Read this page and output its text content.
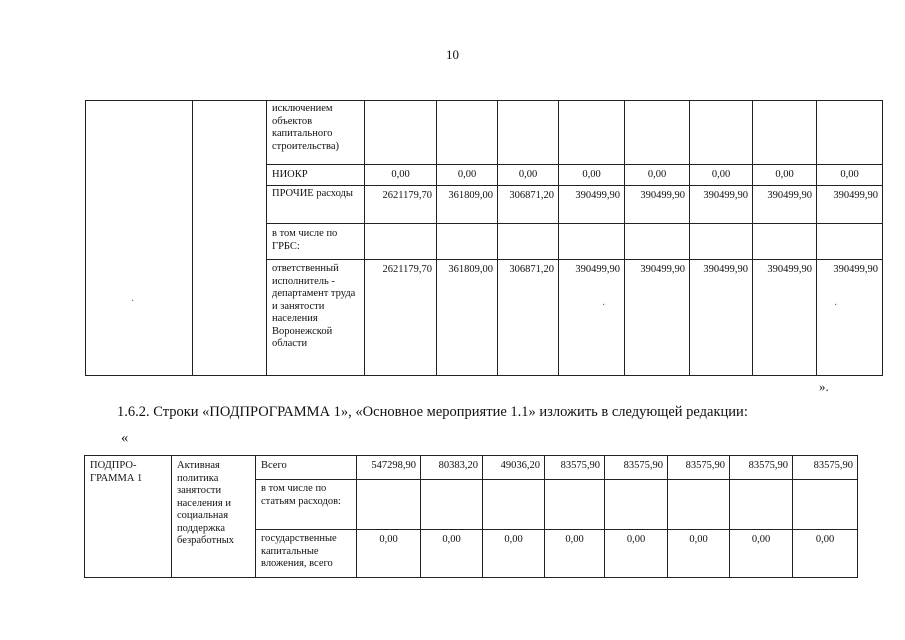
10
		исключением объектов капитального строительства)								
		НИОКР	0,00	0,00	0,00	0,00	0,00	0,00	0,00	0,00
		ПРОЧИЕ расходы	2621179,70	361809,00	306871,20	390499,90	390499,90	390499,90	390499,90	390499,90
		в том числе по ГРБС:								
		ответственный исполнитель - департамент труда и занятости населения Воронежской области	2621179,70	361809,00	306871,20	390499,90	390499,90	390499,90	390499,90	390499,90
·	·	·
».
1.6.2. Строки «ПОДПРОГРАММА 1», «Основное мероприятие 1.1» изложить в следующей редакции:
«
ПОДПРО-ГРАММА 1	Активная политика занятости населения и социальная поддержка безработных	Всего	547298,90	80383,20	49036,20	83575,90	83575,90	83575,90	83575,90	83575,90
		в том числе по статьям расходов:								
		государственные капитальные вложения, всего	0,00	0,00	0,00	0,00	0,00	0,00	0,00	0,00
